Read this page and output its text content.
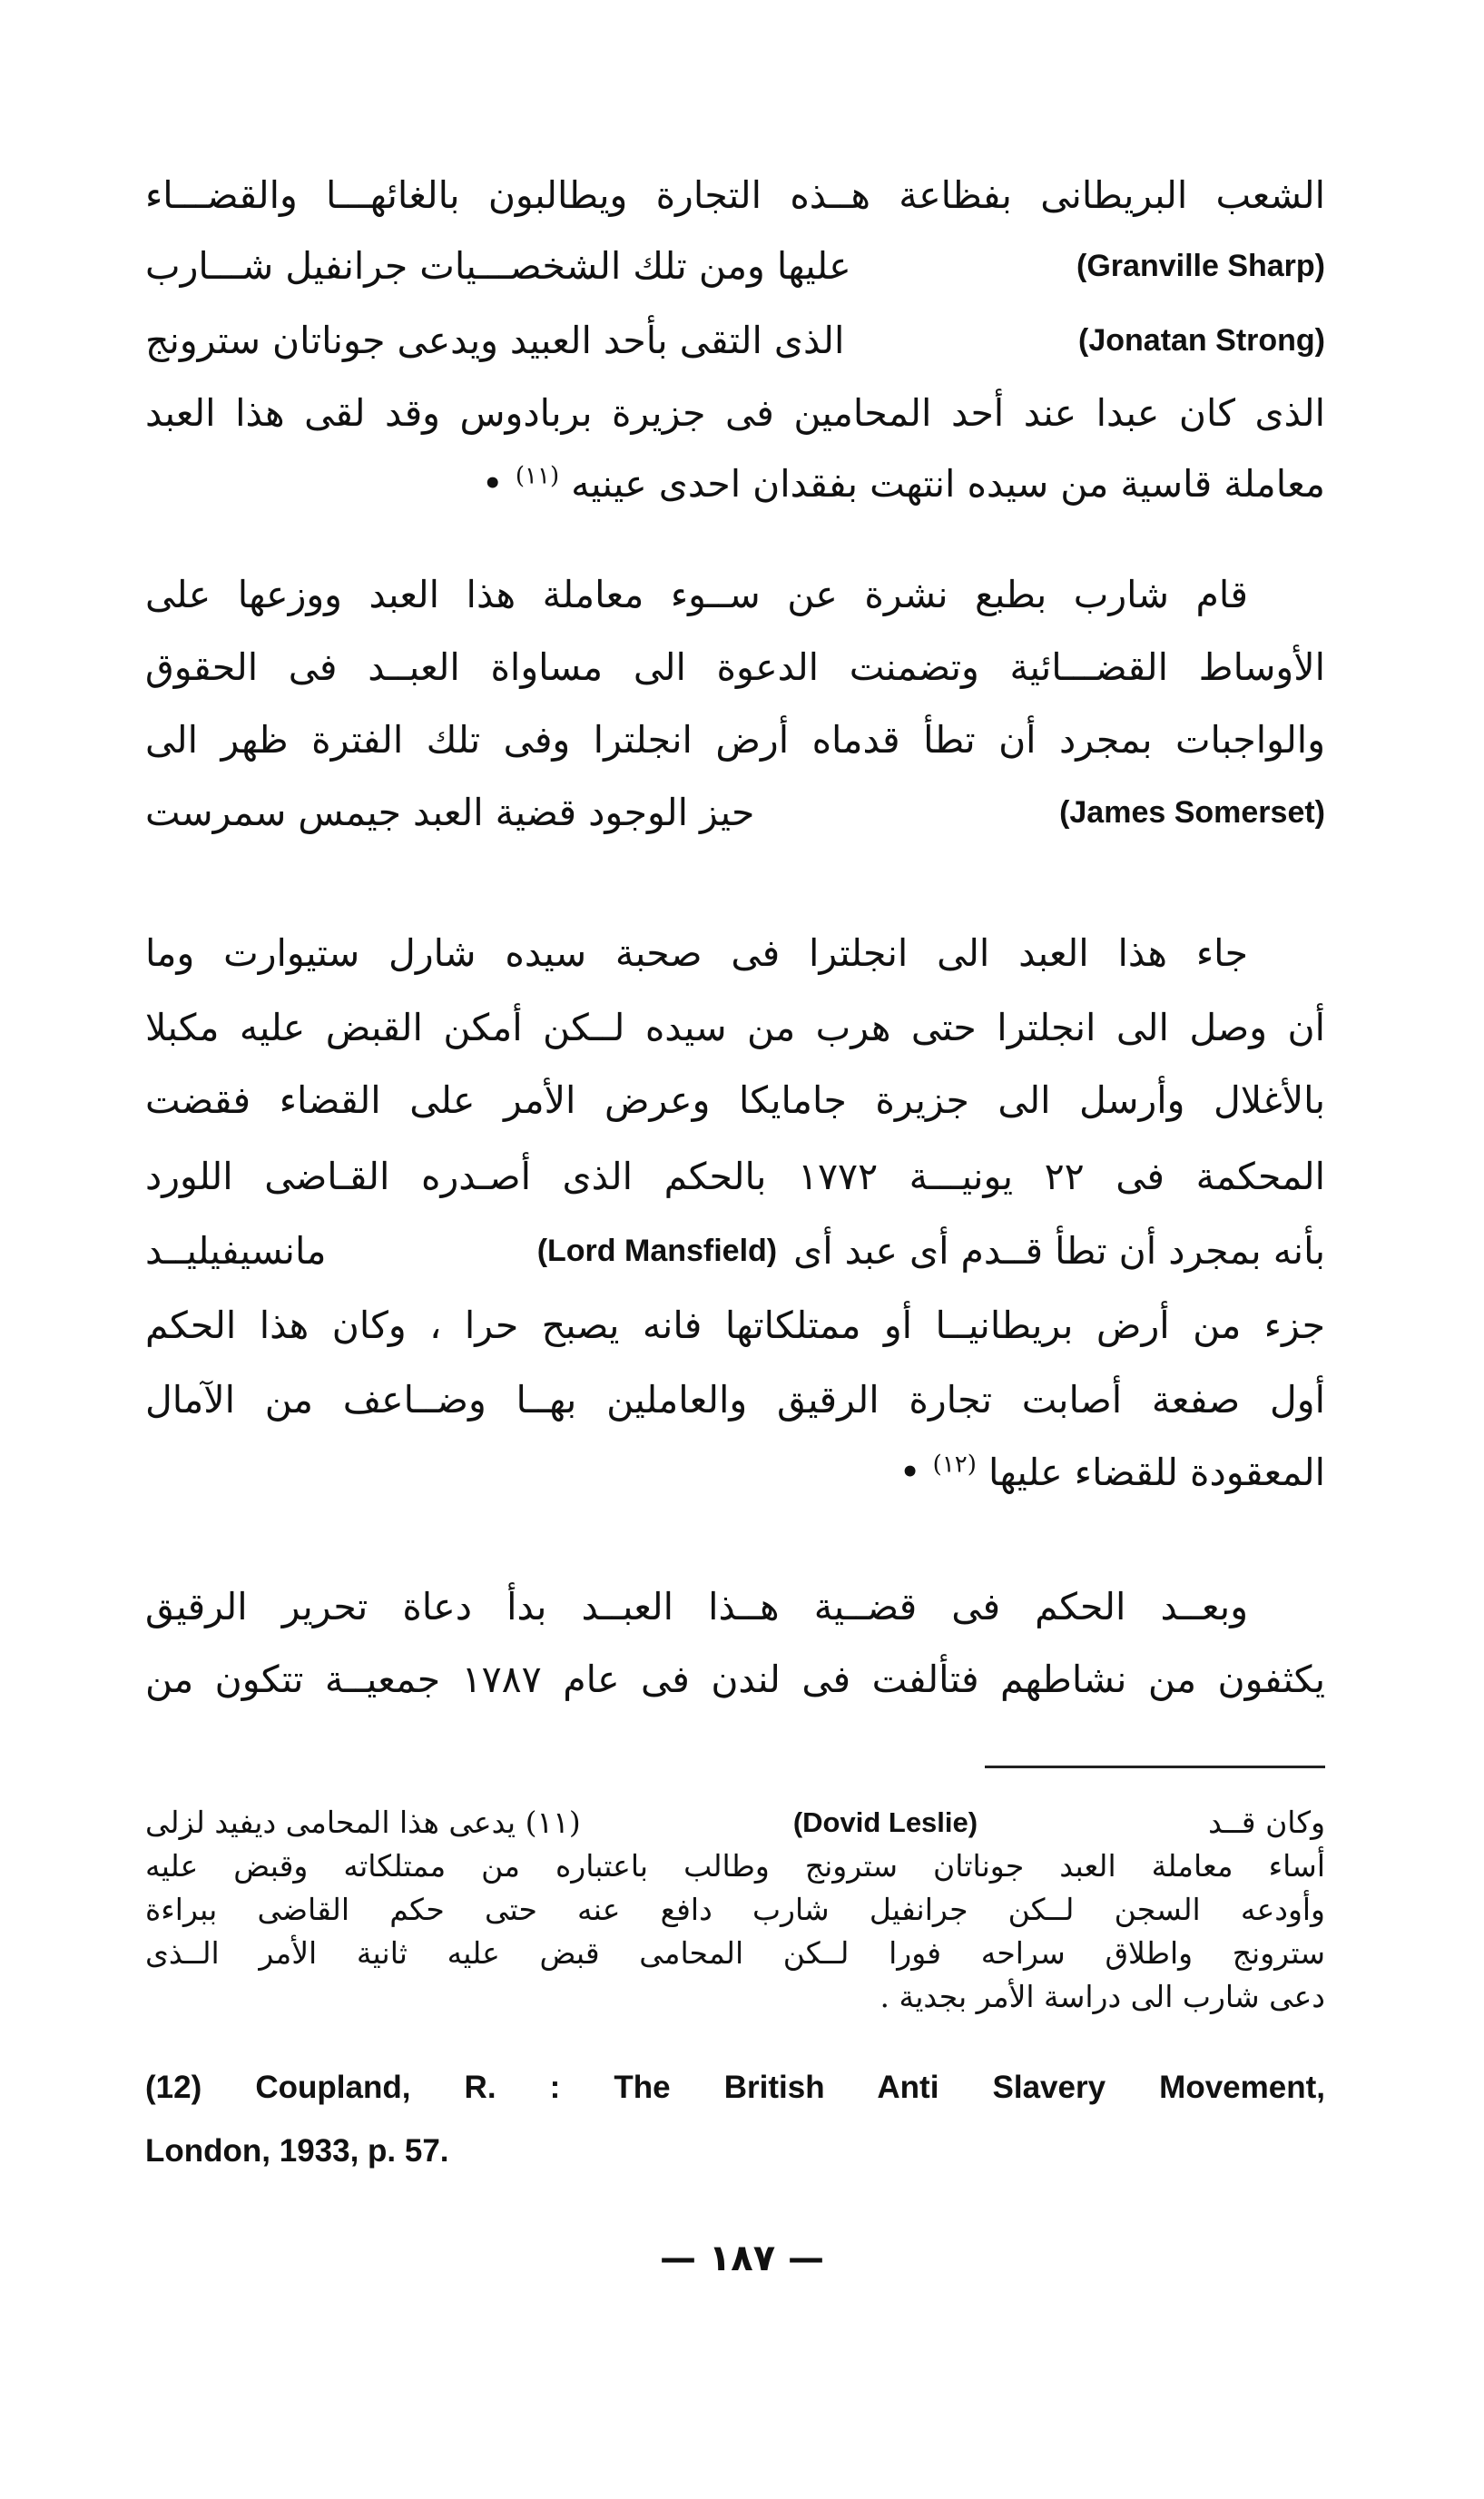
الشعب البريطانى بفظاعة هــذه التجارة ويطالبون بالغائهـــا والقضـــاء
عليها ومن تلك الشخصـــيات جرانفيل شـــارب	(Granville Sharp)
الذى التقى بأحد العبيد ويدعى جوناتان سترونج	(Jonatan Strong)
الذى كان عبدا عند أحد المحامين فى جزيرة بربادوس وقد لقى هذا العبد
معاملة قاسية من سيده انتهت بفقدان احدى عينيه $^{(١١)}$ •
قام شارب بطبع نشرة عن ســوء معاملة هذا العبد ووزعها على
الأوساط القضـــائية وتضمنت الدعوة الى مساواة العبــد فى الحقوق
والواجبات بمجرد أن تطأ قدماه أرض انجلترا وفى تلك الفترة ظهر الى
حيز الوجود قضية العبد جيمس سمرست	(James Somerset)
جاء هذا العبد الى انجلترا فى صحبة سيده شارل ستيوارت وما
أن وصل الى انجلترا حتى هرب من سيده لــكن أمكن القبض عليه مكبلا
بالأغلال وأرسل الى جزيرة جامايكا وعرض الأمر على القضاء فقضت
المحكمة فى ٢٢ يونيـــة ١٧٧٢ بالحكم الذى أصـدره القـاضى اللورد
مانسيفيليــد	(Lord Mansfield) بأنه بمجرد أن تطأ قــدم أى عبد أى
جزء من أرض بريطانيــا أو ممتلكاتها فانه يصبح حرا ، وكان هذا الحكم
أول صفعة أصابت تجارة الرقيق والعاملين بهــا وضــاعف من الآمال
المعقودة للقضاء عليها $^{(١٢)}$ •
وبعــد الحكم فى قضــية هــذا العبــد بدأ دعاة تحرير الرقيق
يكثفون من نشاطهم فتألفت فى لندن فى عام ١٧٨٧ جمعيــة تتكون من
(١١) يدعى هذا المحامى ديفيد لزلى	(Dovid Leslie)	وكان قــد
أساء معاملة العبد جوناتان سترونج وطالب باعتباره من ممتلكاته وقبض عليه
وأودعه السجن لــكن جرانفيل شارب دافع عنه حتى حكم القاضى ببراءة
سترونج واطلاق سراحه فورا لــكن المحامى قبض عليه ثانية الأمر الــذى
دعى شارب الى دراسة الأمر بجدية .
(12) Coupland, R. : The British Anti Slavery Movement,
London, 1933, p. 57.
— ١٨٧ —
